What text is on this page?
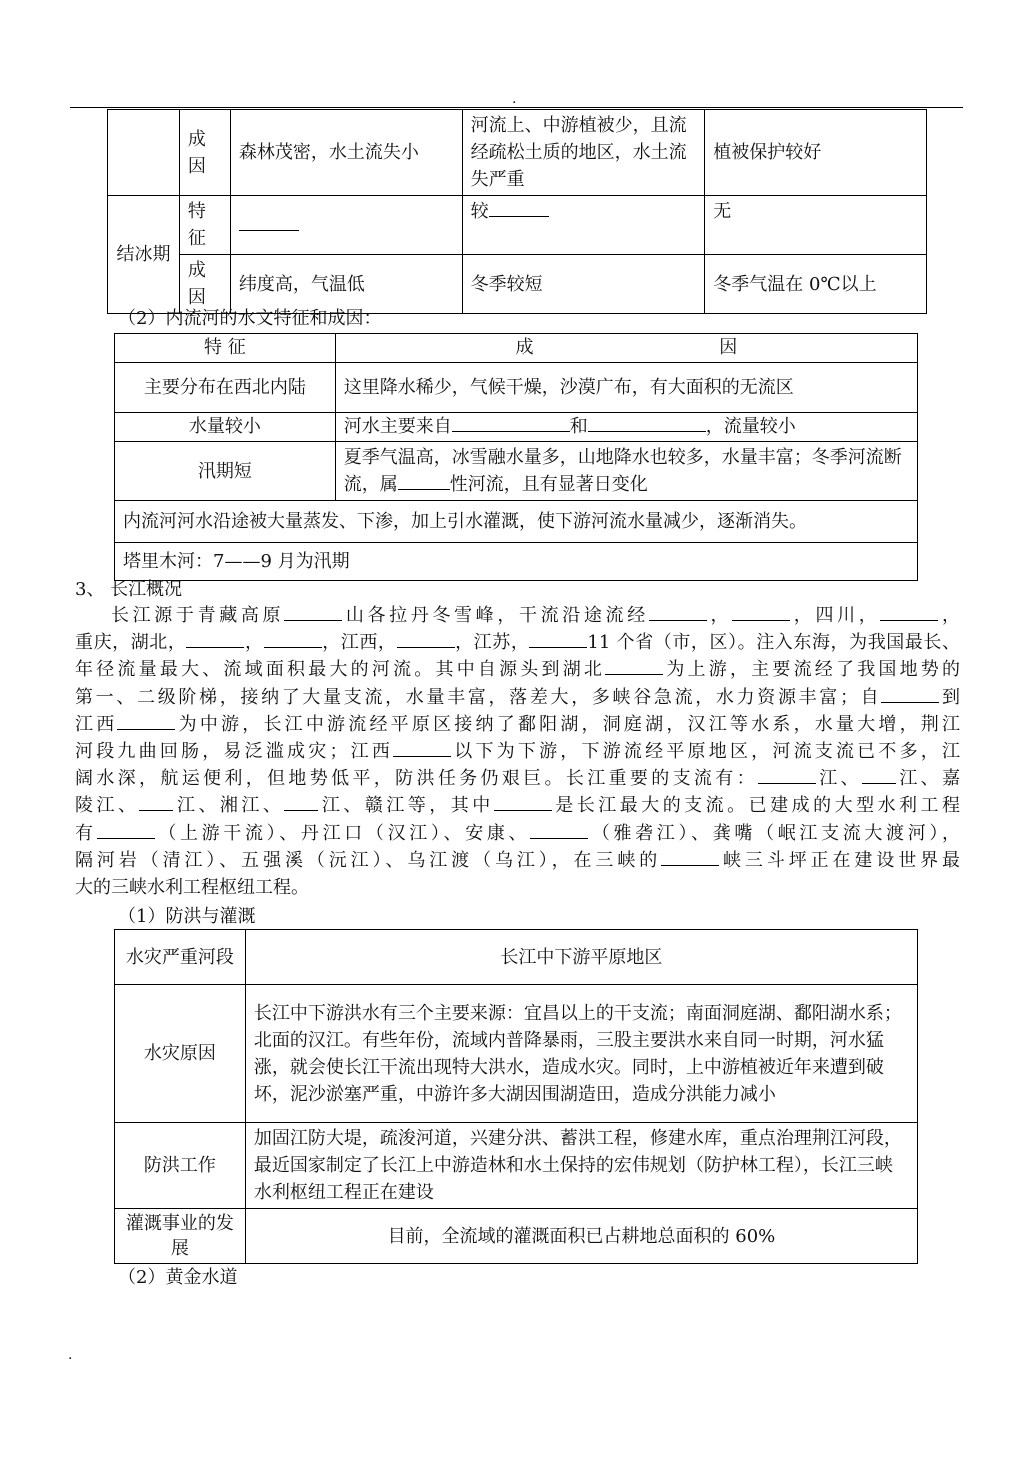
.
	成因	森林茂密，水土流失小	河流上、中游植被少，且流经疏松土质的地区，水土流失严重	植被保护较好
结冰期	特征		较	无
	成因	纬度高，气温低	冬季较短	冬季气温在 0℃以上
（2）内流河的水文特征和成因：
特 征	成 因
主要分布在西北内陆	这里降水稀少，气候干燥，沙漠广布，有大面积的无流区
水量较小	河水主要来自 和 ，流量较小
汛期短	夏季气温高，冰雪融水量多，山地降水也较多，水量丰富；冬季河流断流，属 性河流，且有显著日变化
内流河河水沿途被大量蒸发、下渗，加上引水灌溉，使下游河流水量减少，逐渐消失。	
塔里木河：7——9 月为汛期	
3、 长江概况
长江源于青藏高原	山各拉丹冬雪峰，干流沿途流经	，	，四川，	，
重庆，湖北，	，	，江西，	，江苏，	11 个省（市，区）。注入东海，为我国最长、
年径流量最大、流域面积最大的河流。其中自源头到湖北	为上游，主要流经了我国地势的
第一、二级阶梯，接纳了大量支流，水量丰富，落差大，多峡谷急流，水力资源丰富；自	到
江西	为中游，长江中游流经平原区接纳了鄱阳湖，洞庭湖，汉江等水系，水量大增，荆江
河段九曲回肠，易泛滥成灾；江西	以下为下游，下游流经平原地区，河流支流已不多，江
阔水深，航运便利，但地势低平，防洪任务仍艰巨。长江重要的支流有：	江、 江、嘉
陵江、 江、湘江、 江、赣江等，其中	是长江最大的支流。已建成的大型水利工程
有	（上游干流）、丹江口（汉江）、安康、	（雅砻江）、龚嘴（岷江支流大渡河），
隔河岩（清江）、五强溪（沅江）、乌江渡（乌江），在三峡的	峡三斗坪正在建设世界最
大的三峡水利工程枢纽工程。
（1）防洪与灌溉
水灾严重河段	长江中下游平原地区
水灾原因	长江中下游洪水有三个主要来源：宜昌以上的干支流；南面洞庭湖、鄱阳湖水系；北面的汉江。有些年份，流域内普降暴雨，三股主要洪水来自同一时期，河水猛涨，就会使长江干流出现特大洪水，造成水灾。同时，上中游植被近年来遭到破坏，泥沙淤塞严重，中游许多大湖因围湖造田，造成分洪能力减小
防洪工作	加固江防大堤，疏浚河道，兴建分洪、蓄洪工程，修建水库，重点治理荆江河段，最近国家制定了长江上中游造林和水土保持的宏伟规划（防护林工程），长江三峡水利枢纽工程正在建设
灌溉事业的发展	目前，全流域的灌溉面积已占耕地总面积的 60%
（2）黄金水道
.
